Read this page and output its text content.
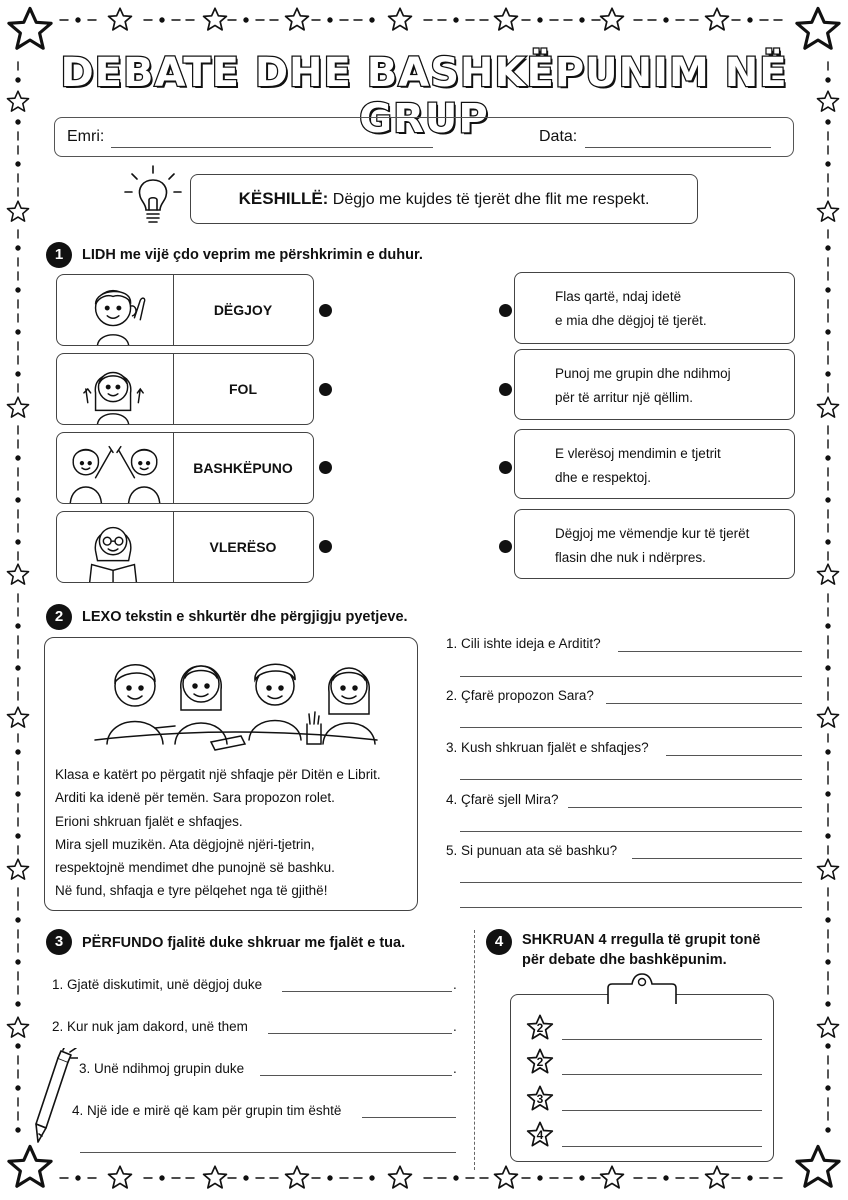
DEBATE DHE BASHKËPUNIM NË GRUP
Emri:	Data:
KËSHILLË: Dëgjo me kujdes të tjerët dhe flit me respekt.
1	LIDH me vijë çdo veprim me përshkrimin e duhur.
DËGJOY
FOL
BASHKËPUNO
VLERËSO
Flas qartë, ndaj idetë
e mia dhe dëgjoj të tjerët.
Punoj me grupin dhe ndihmoj
për të arritur një qëllim.
E vlerësoj mendimin e tjetrit
dhe e respektoj.
Dëgjoj me vëmendje kur të tjerët
flasin dhe nuk i ndërpres.
2	LEXO tekstin e shkurtër dhe përgjigju pyetjeve.
Klasa e katërt po përgatit një shfaqje për Ditën e Librit.
Arditi ka idenë për temën. Sara propozon rolet.
Erioni shkruan fjalët e shfaqjes.
Mira sjell muzikën. Ata dëgjojnë njëri-tjetrin,
respektojnë mendimet dhe punojnë së bashku.
Në fund, shfaqja e tyre pëlqehet nga të gjithë!
1. Cili ishte ideja e Arditit?
2. Çfarë propozon Sara?
3. Kush shkruan fjalët e shfaqjes?
4. Çfarë sjell Mira?
5. Si punuan ata së bashku?
3	PËRFUNDO fjalitë duke shkruar me fjalët e tua.
1. Gjatë diskutimit, unë dëgjoj duke	.
2. Kur nuk jam dakord, unë them	.
3. Unë ndihmoj grupin duke	.
4. Një ide e mirë që kam për grupin tim është
4	SHKRUAN 4 rregulla të grupit tonë
për debate dhe bashkëpunim.
2
2
3
4
